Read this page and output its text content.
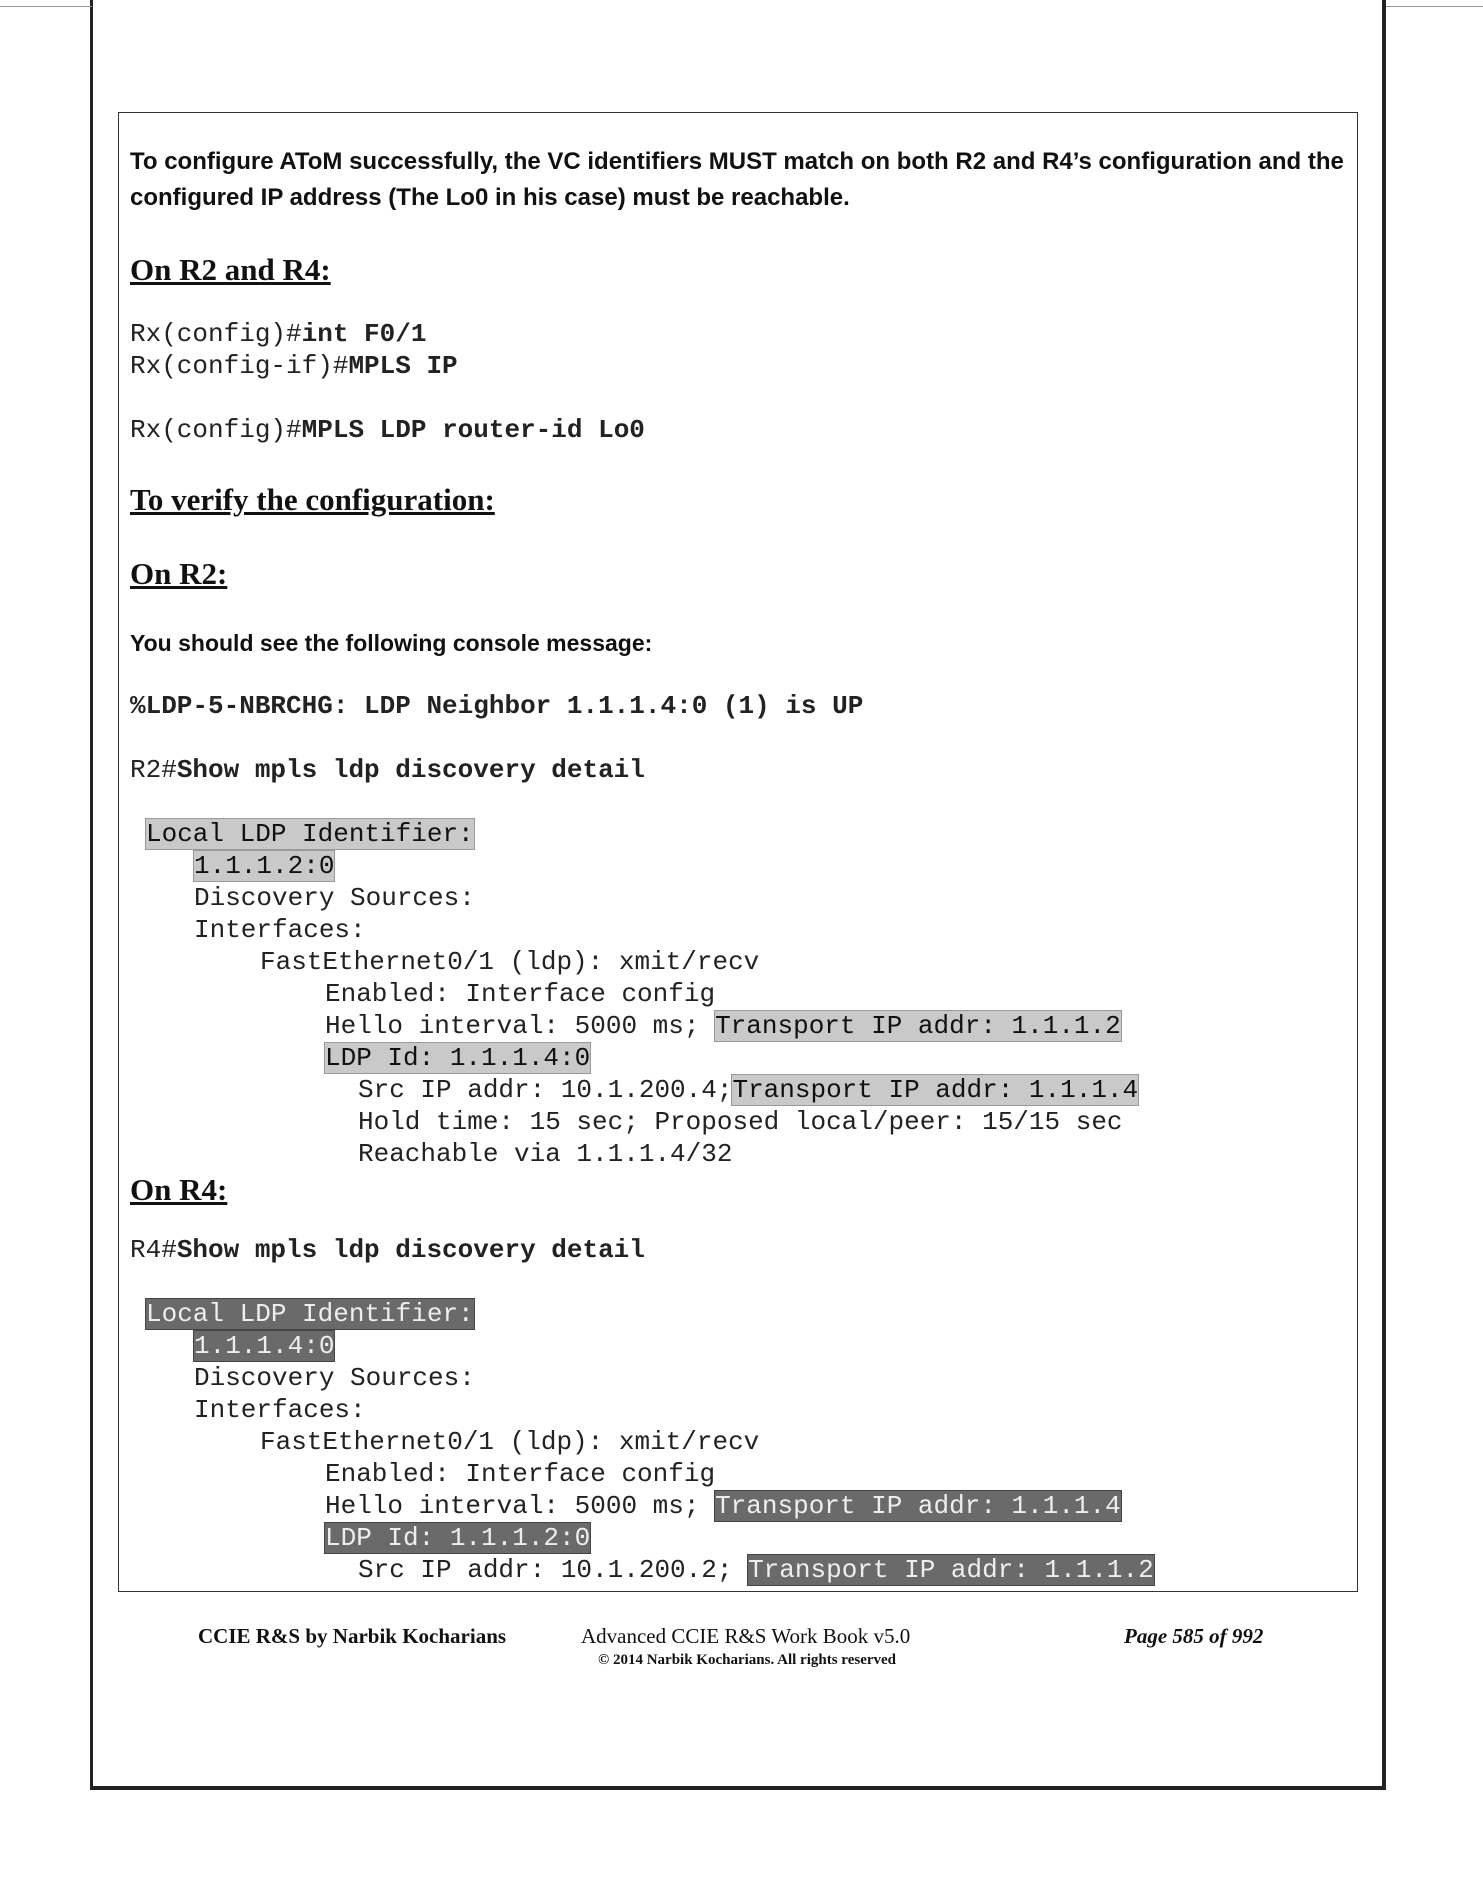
To configure AToM successfully, the VC identifiers MUST match on both R2 and R4’s configuration and the
configured IP address (The Lo0 in his case) must be reachable.
On R2 and R4:
Rx(config)#int F0/1
Rx(config-if)#MPLS IP
Rx(config)#MPLS LDP router-id Lo0
To verify the configuration:
On R2:
You should see the following console message:
%LDP-5-NBRCHG: LDP Neighbor 1.1.1.4:0 (1) is UP
R2#Show mpls ldp discovery detail
Local LDP Identifier:
1.1.1.2:0
Discovery Sources:
Interfaces:
FastEthernet0/1 (ldp): xmit/recv
Enabled: Interface config
Hello interval: 5000 ms; Transport IP addr: 1.1.1.2
LDP Id: 1.1.1.4:0
Src IP addr: 10.1.200.4;Transport IP addr: 1.1.1.4
Hold time: 15 sec; Proposed local/peer: 15/15 sec
Reachable via 1.1.1.4/32
On R4:
R4#Show mpls ldp discovery detail
Local LDP Identifier:
1.1.1.4:0
Discovery Sources:
Interfaces:
FastEthernet0/1 (ldp): xmit/recv
Enabled: Interface config
Hello interval: 5000 ms; Transport IP addr: 1.1.1.4
LDP Id: 1.1.1.2:0
Src IP addr: 10.1.200.2; Transport IP addr: 1.1.1.2
CCIE R&S by Narbik Kocharians	Advanced CCIE R&S Work Book v5.0
© 2014 Narbik Kocharians. All rights reserved
Page 585 of 992
